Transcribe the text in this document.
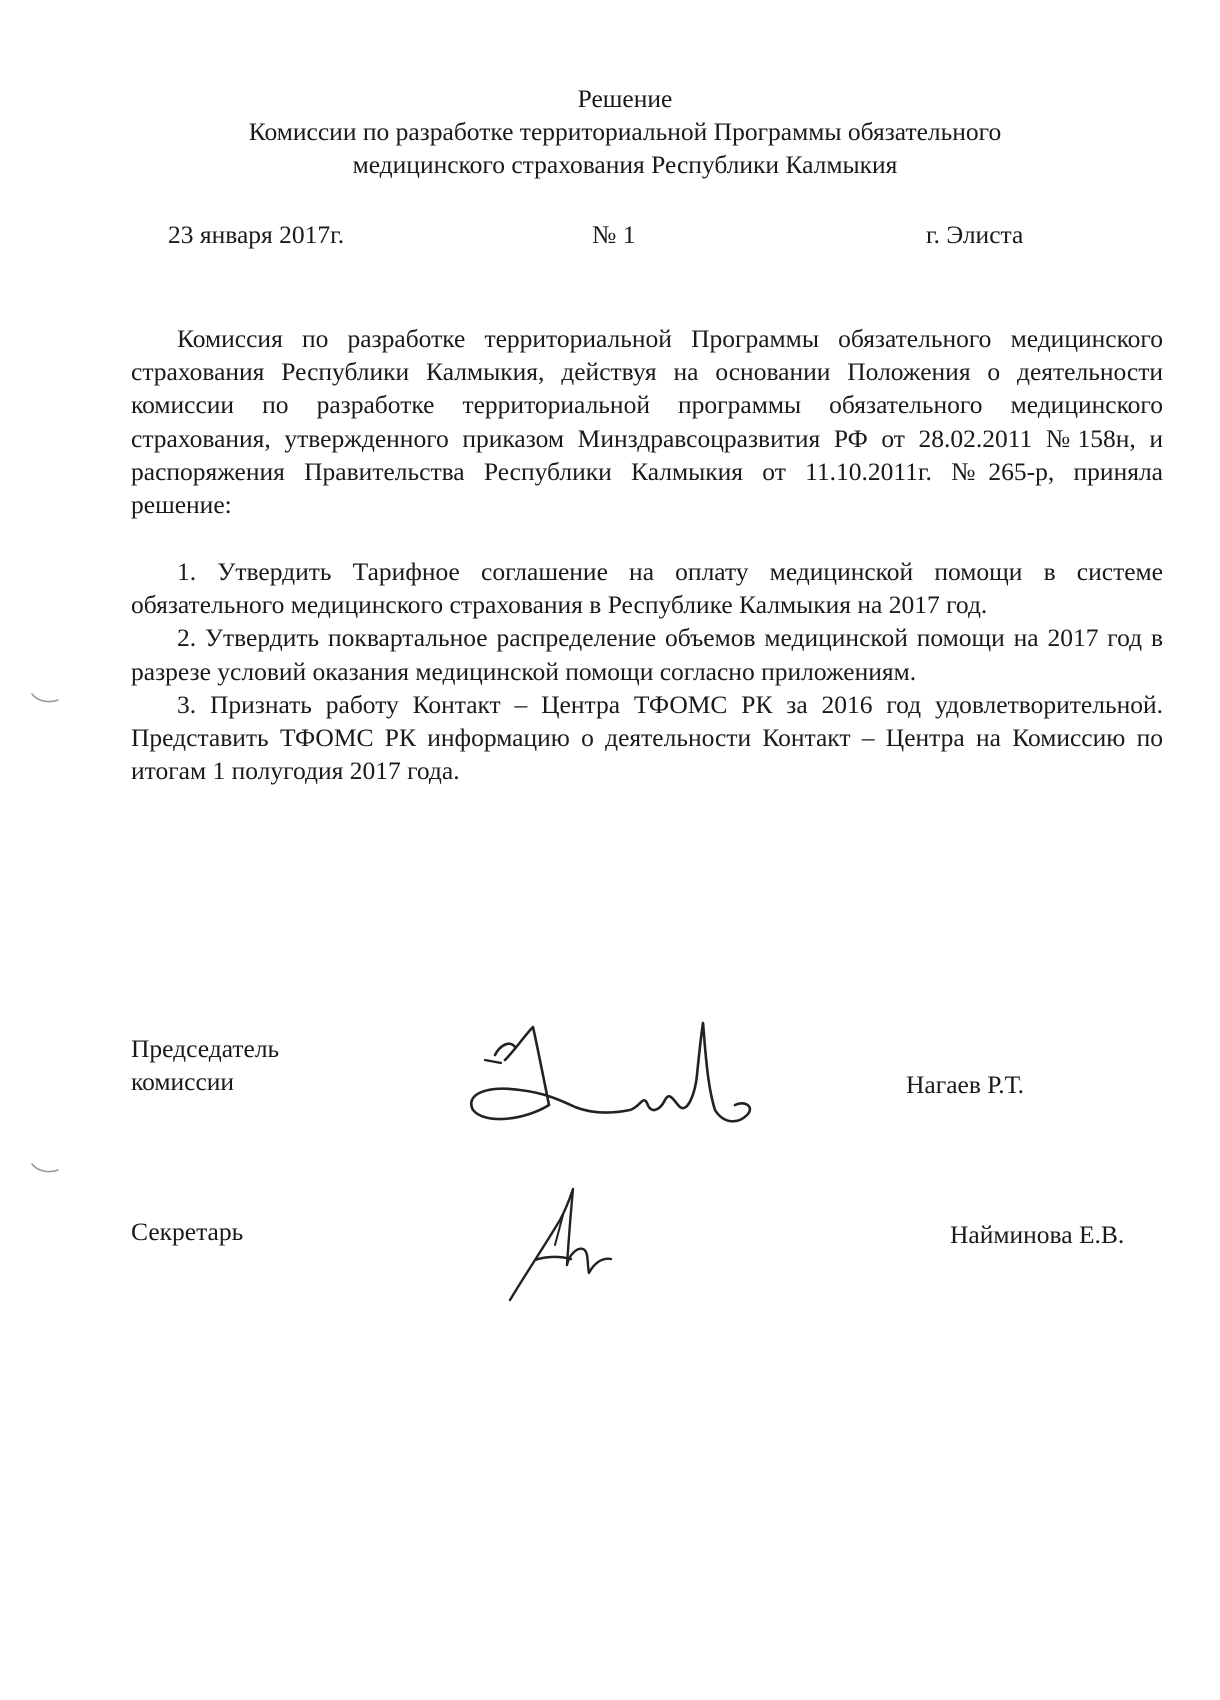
Решение
Комиссии по разработке территориальной Программы обязательного
медицинского страхования Республики Калмыкия
23 января 2017г.	№ 1	г. Элиста

Комиссия по разработке территориальной Программы обязательного медицинского страхования Республики Калмыкия, действуя на основании Положения о деятельности комиссии по разработке территориальной программы обязательного медицинского страхования, утвержденного приказом Минздравсоцразвития РФ от 28.02.2011 №158н, и распоряжения Правительства Республики Калмыкия от 11.10.2011г. №265-р, приняла решение:

1. Утвердить Тарифное соглашение на оплату медицинской помощи в системе обязательного медицинского страхования в Республике Калмыкия на 2017 год.

2. Утвердить поквартальное распределение объемов медицинской помощи на 2017 год в разрезе условий оказания медицинской помощи согласно приложениям.

3. Признать работу Контакт – Центра ТФОМС РК за 2016 год удовлетворительной. Представить ТФОМС РК информацию о деятельности Контакт – Центра на Комиссию по итогам 1 полугодия 2017 года.

Председатель
комиссии	Нагаев Р.Т.
Секретарь	Найминова Е.В.
